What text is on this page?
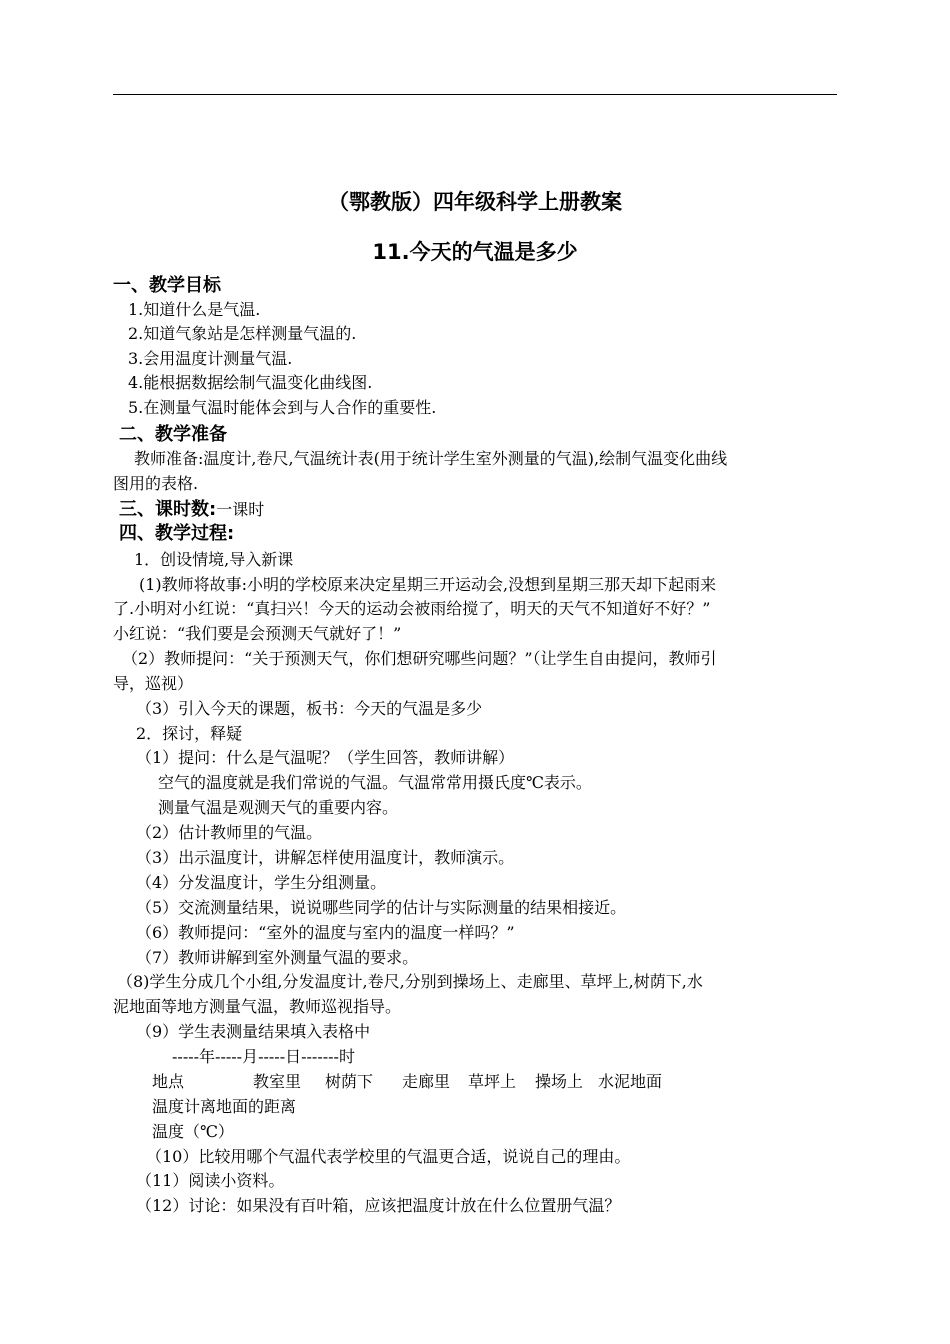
（鄂教版）四年级科学上册教案
11.今天的气温是多少
一、教学目标
1.知道什么是气温.
2.知道气象站是怎样测量气温的.
3.会用温度计测量气温.
4.能根据数据绘制气温变化曲线图.
5.在测量气温时能体会到与人合作的重要性.
二、教学准备
教师准备:温度计,卷尺,气温统计表(用于统计学生室外测量的气温),绘制气温变化曲线
图用的表格.
三、课时数:一课时
四、教学过程:
1．创设情境,导入新课
(1)教师将故事:小明的学校原来决定星期三开运动会,没想到星期三那天却下起雨来
了.小明对小红说：“真扫兴！今天的运动会被雨给搅了，明天的天气不知道好不好？”
小红说：“我们要是会预测天气就好了！”
（2）教师提问：“关于预测天气，你们想研究哪些问题？”（让学生自由提问，教师引
导，巡视）
（3）引入今天的课题，板书：今天的气温是多少
2．探讨，释疑
（1）提问：什么是气温呢？（学生回答，教师讲解）
空气的温度就是我们常说的气温。气温常常用摄氏度℃表示。
测量气温是观测天气的重要内容。
（2）估计教师里的气温。
（3）出示温度计，讲解怎样使用温度计，教师演示。
（4）分发温度计，学生分组测量。
（5）交流测量结果，说说哪些同学的估计与实际测量的结果相接近。
（6）教师提问：“室外的温度与室内的温度一样吗？”
（7）教师讲解到室外测量气温的要求。
（8)学生分成几个小组,分发温度计,卷尺,分别到操场上、走廊里、草坪上,树荫下,水
泥地面等地方测量气温，教师巡视指导。
（9）学生表测量结果填入表格中
-----年-----月-----日-------时
地点	教室里 树荫下 走廊里 草坪上 操场上 水泥地面
温度计离地面的距离
温度（℃）
（10）比较用哪个气温代表学校里的气温更合适，说说自己的理由。
（11）阅读小资料。
（12）讨论：如果没有百叶箱，应该把温度计放在什么位置册气温？
